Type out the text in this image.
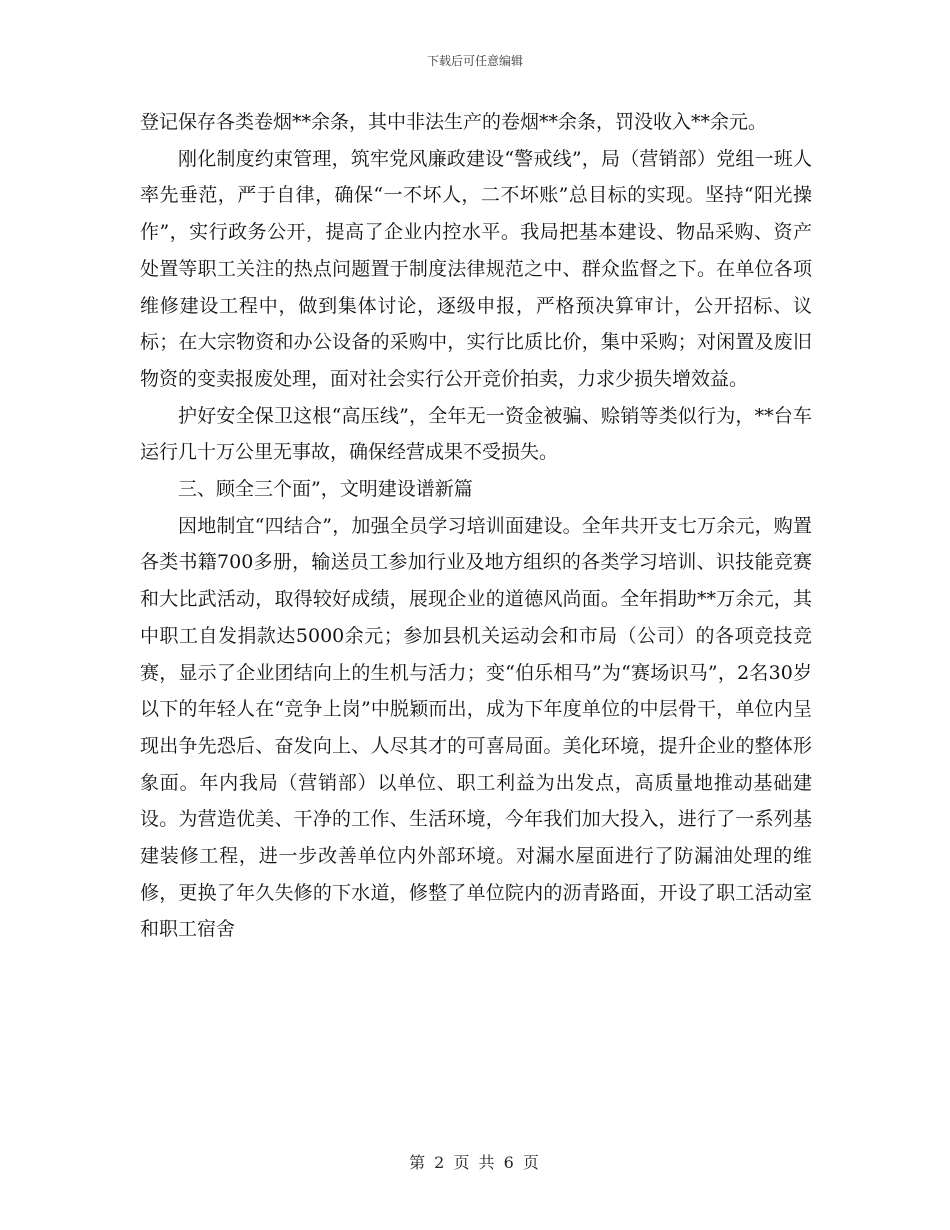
下载后可任意编辑

登记保存各类卷烟**余条，其中非法生产的卷烟**余条，罚没收入**余元。

刚化制度约束管理，筑牢党风廉政建设“警戒线”，局（营销部）党组一班人率先垂范，严于自律，确保“一不坏人，二不坏账”总目标的实现。坚持“阳光操作”，实行政务公开，提高了企业内控水平。我局把基本建设、物品采购、资产处置等职工关注的热点问题置于制度法律规范之中、群众监督之下。在单位各项维修建设工程中，做到集体讨论，逐级申报，严格预决算审计，公开招标、议标；在大宗物资和办公设备的采购中，实行比质比价，集中采购；对闲置及废旧物资的变卖报废处理，面对社会实行公开竞价拍卖，力求少损失增效益。

护好安全保卫这根“高压线”，全年无一资金被骗、赊销等类似行为，**台车运行几十万公里无事故，确保经营成果不受损失。

三、顾全三个面”，文明建设谱新篇

因地制宜“四结合”，加强全员学习培训面建设。全年共开支七万余元，购置各类书籍700多册，输送员工参加行业及地方组织的各类学习培训、识技能竞赛和大比武活动，取得较好成绩，展现企业的道德风尚面。全年捐助**万余元，其中职工自发捐款达5000余元；参加县机关运动会和市局（公司）的各项竞技竞赛，显示了企业团结向上的生机与活力；变“伯乐相马”为“赛场识马”，2名30岁以下的年轻人在“竞争上岗”中脱颖而出，成为下年度单位的中层骨干，单位内呈现出争先恐后、奋发向上、人尽其才的可喜局面。美化环境，提升企业的整体形象面。年内我局（营销部）以单位、职工利益为出发点，高质量地推动基础建设。为营造优美、干净的工作、生活环境，今年我们加大投入，进行了一系列基建装修工程，进一步改善单位内外部环境。对漏水屋面进行了防漏油处理的维修，更换了年久失修的下水道，修整了单位院内的沥青路面，开设了职工活动室和职工宿舍

第 2 页 共 6 页
